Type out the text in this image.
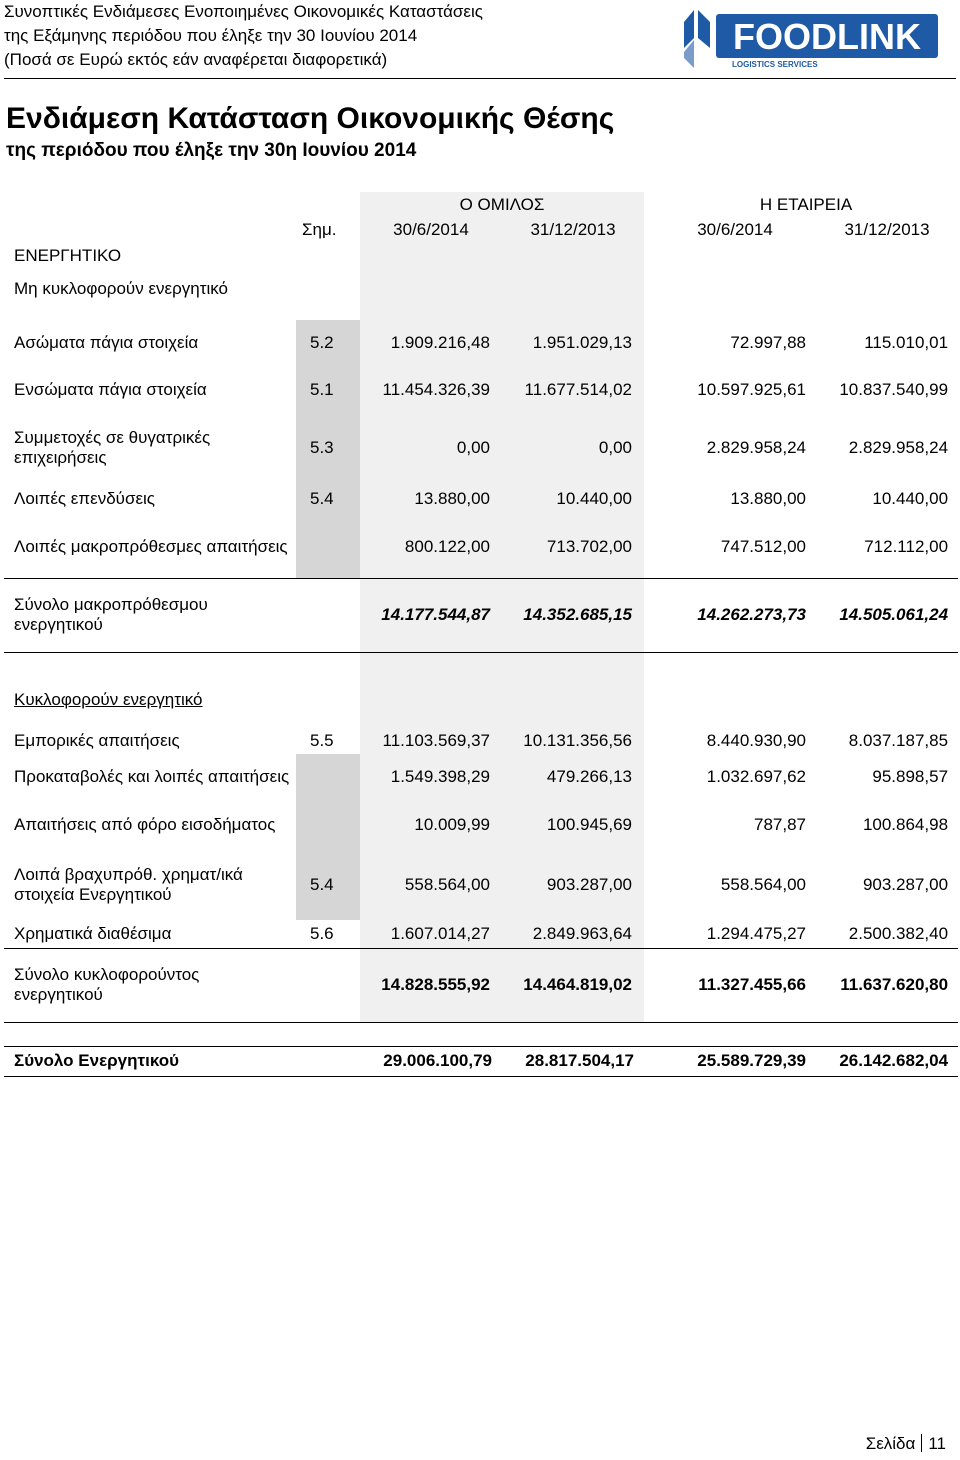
Συνοπτικές Ενδιάμεσες Ενοποιημένες Οικονομικές Καταστάσεις
της Εξάμηνης περιόδου που έληξε την 30 Ιουνίου 2014
(Ποσά σε Ευρώ εκτός εάν αναφέρεται διαφορετικά)
FOODLINK
LOGISTICS SERVICES
Ενδιάμεση Κατάσταση Οικονομικής Θέσης
της περιόδου που έληξε την 30η Ιουνίου 2014
		Ο ΟΜΙΛΟΣ			Η ΕΤΑΙΡΕΙΑ	
	Σημ.	30/6/2014	31/12/2013		30/6/2014	31/12/2013
ΕΝΕΡΓΗΤΙΚΟ						
Μη κυκλοφορούν ενεργητικό						

Ασώματα πάγια στοιχεία	5.2	1.909.216,48	1.951.029,13		72.997,88	115.010,01
Ενσώματα πάγια στοιχεία	5.1	11.454.326,39	11.677.514,02		10.597.925,61	10.837.540,99
Συμμετοχές σε θυγατρικές επιχειρήσεις	5.3	0,00	0,00		2.829.958,24	2.829.958,24
Λοιπές επενδύσεις	5.4	13.880,00	10.440,00		13.880,00	10.440,00
Λοιπές μακροπρόθεσμες απαιτήσεις		800.122,00	713.702,00		747.512,00	712.112,00
Σύνολο μακροπρόθεσμου ενεργητικού		14.177.544,87	14.352.685,15		14.262.273,73	14.505.061,24

Κυκλοφορούν ενεργητικό						
Εμπορικές απαιτήσεις	5.5	11.103.569,37	10.131.356,56		8.440.930,90	8.037.187,85
Προκαταβολές και λοιπές απαιτήσεις		1.549.398,29	479.266,13		1.032.697,62	95.898,57
Απαιτήσεις από φόρο εισοδήματος		10.009,99	100.945,69		787,87	100.864,98
Λοιπά βραχυπρόθ. χρηματ/ικά στοιχεία Ενεργητικού	5.4	558.564,00	903.287,00		558.564,00	903.287,00
Χρηματικά διαθέσιμα	5.6	1.607.014,27	2.849.963,64		1.294.475,27	2.500.382,40
Σύνολο κυκλοφορούντος ενεργητικού		14.828.555,92	14.464.819,02		11.327.455,66	11.637.620,80

Σύνολο Ενεργητικού		29.006.100,79	28.817.504,17		25.589.729,39	26.142.682,04
Σελίδα 11
